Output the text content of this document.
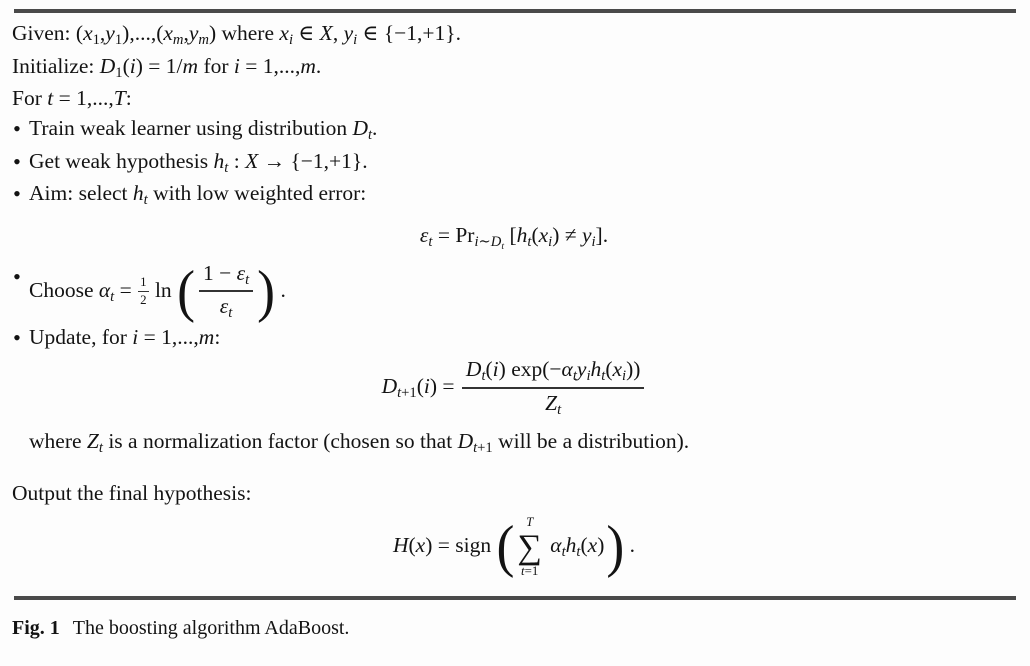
Given: $(x_1,y_1),...,(x_m,y_m)$ where $x_i$ ∈ X, $y_i$ ∈ {−1,+1}.
Initialize: $D_1(i) = 1/m$ for i = 1,...,m.
For t = 1,...,T:
• Train weak learner using distribution $D_t$.
• Get weak hypothesis $h_t$ : X → {−1,+1}.
• Aim: select $h_t$ with low weighted error:
$\varepsilon_t = Pr_{i\sim D_t}$ $[h_t(x_i) \ne y_i]$.
• Choose $\alpha_t = \frac{1}{2}$ ln ( $\frac{1 - \varepsilon_t}{\varepsilon_t}$ ) .
• Update, for i = 1,...,m:
$D_{t+1}(i) = \frac{D_t(i) \exp(-\alpha_ty_ih_t(x_i))}{Z_t}$
where $Z_t$ is a normalization factor (chosen so that $D_{t+1}$ will be a distribution).
Output the final hypothesis:
H(x) = sign ( T
∑
t=1
$\alpha_th_t(x)$ ) .
Fig. 1 The boosting algorithm AdaBoost.
